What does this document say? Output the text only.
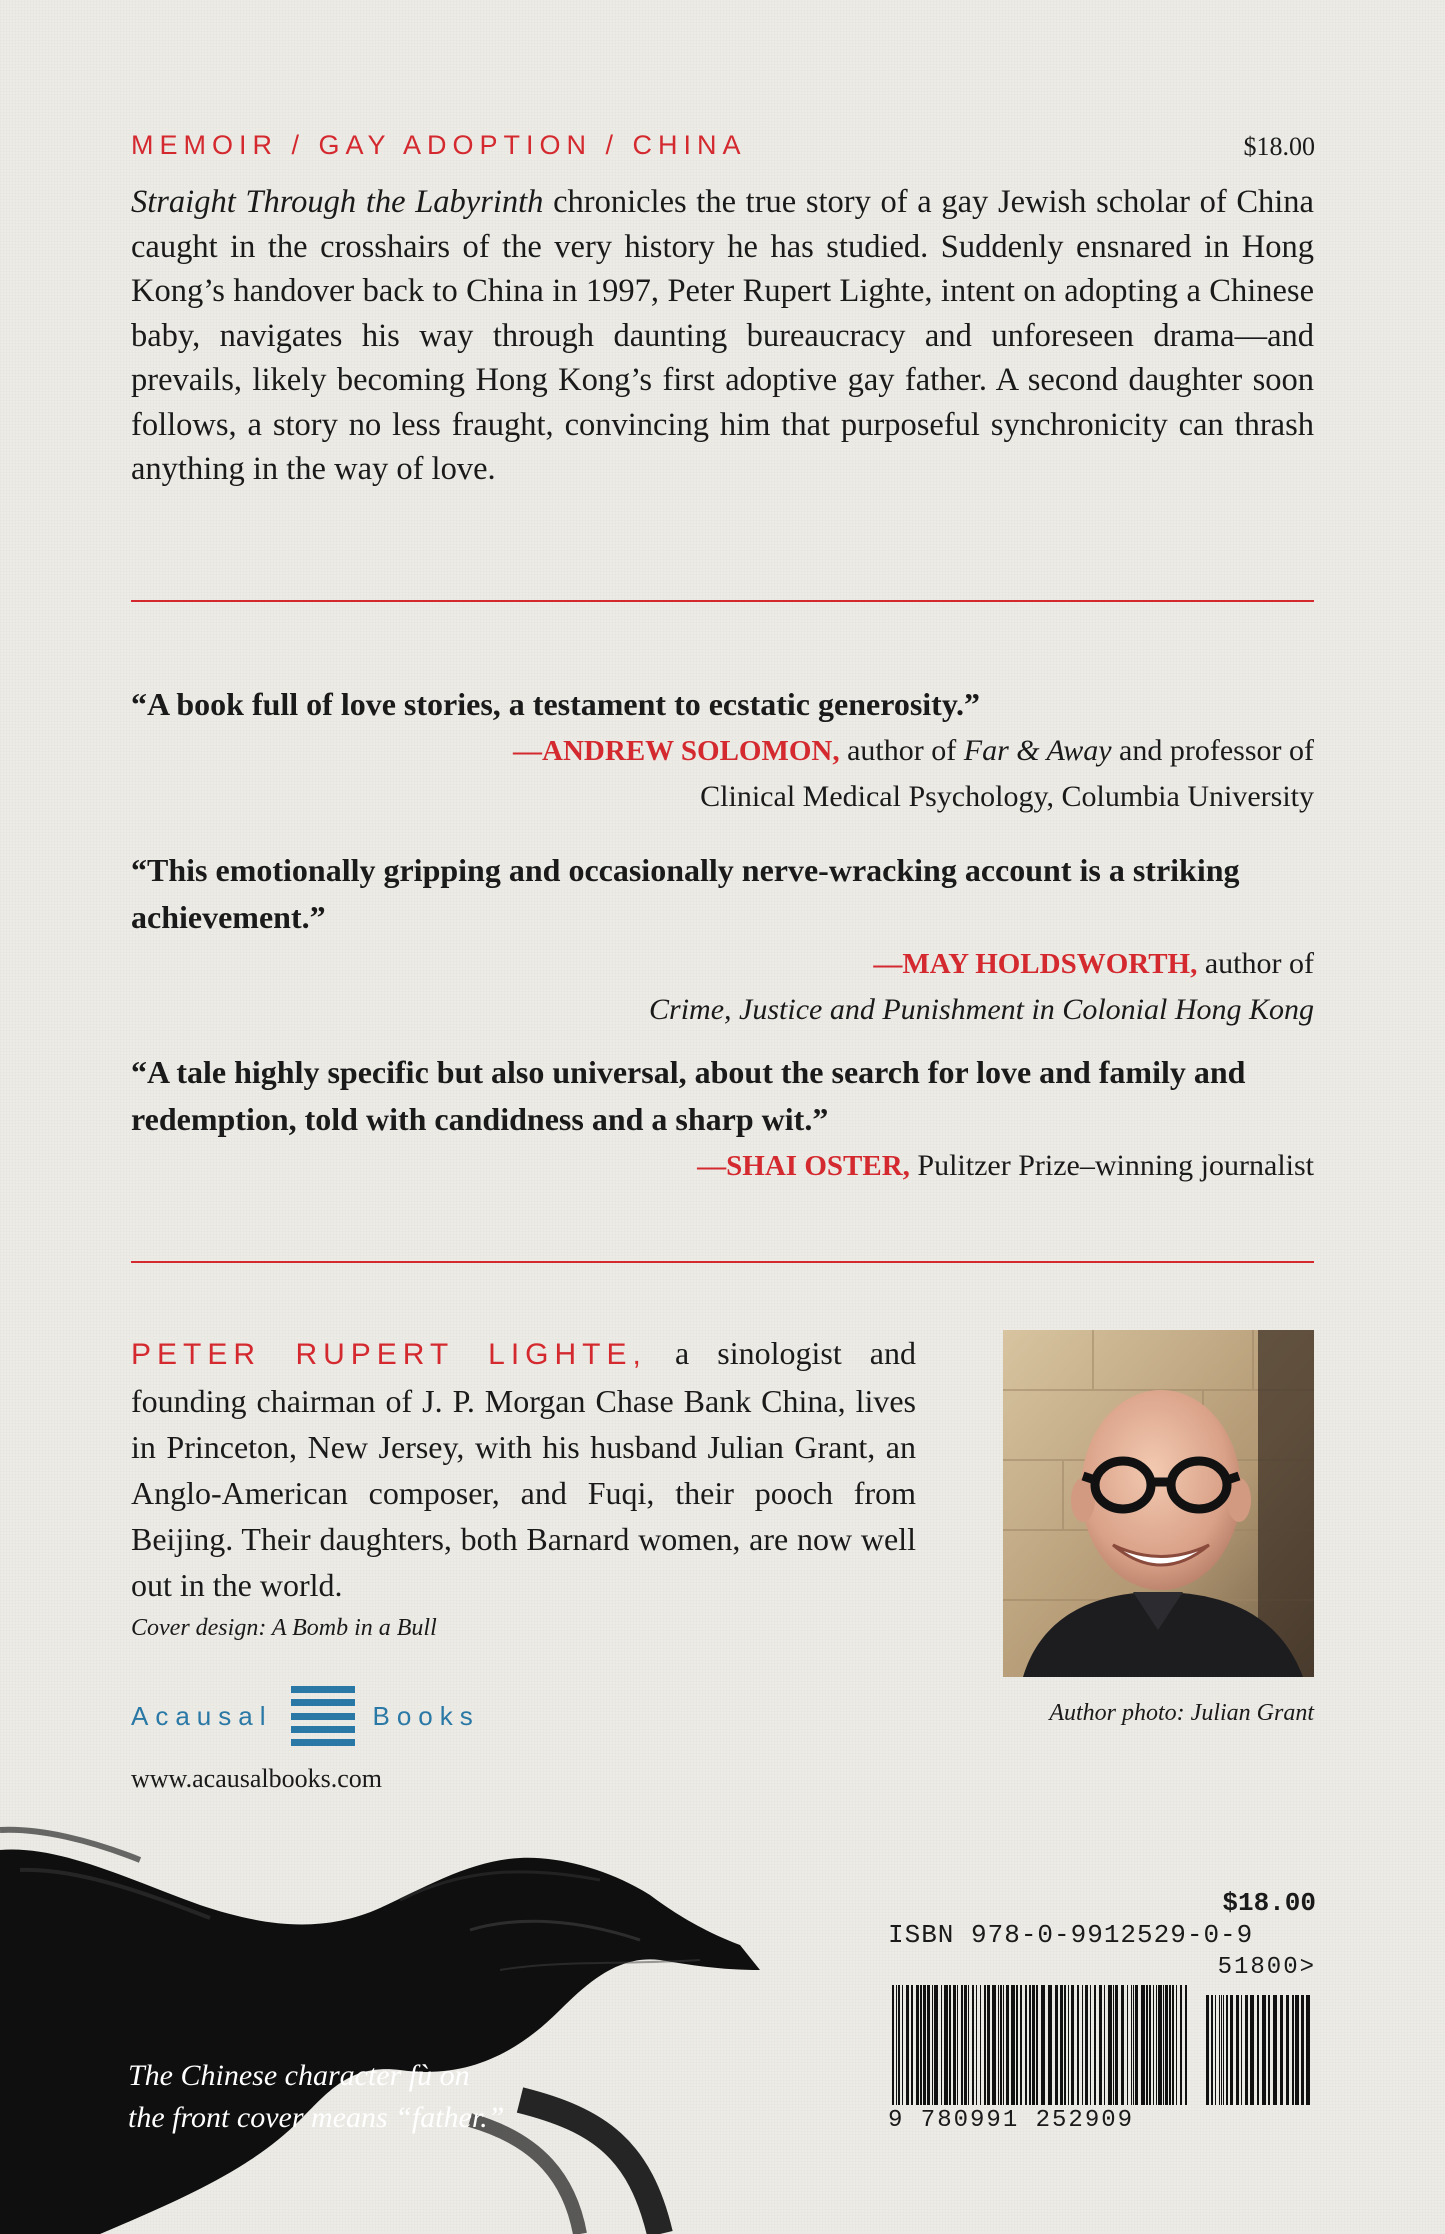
MEMOIR / GAY ADOPTION / CHINA	$18.00

Straight Through the Labyrinth chronicles the true story of a gay Jewish scholar of China caught in the crosshairs of the very history he has studied. Suddenly ensnared in Hong Kong’s handover back to China in 1997, Peter Rupert Lighte, intent on adopting a Chinese baby, navigates his way through daunting bureaucracy and unforeseen drama—and prevails, likely becoming Hong Kong’s first adoptive gay father. A second daughter soon follows, a story no less fraught, convincing him that purposeful synchronicity can thrash anything in the way of love.

“A book full of love stories, a testament to ecstatic generosity.”

—ANDREW SOLOMON, author of Far & Away and professor of

Clinical Medical Psychology, Columbia University

“This emotionally gripping and occasionally nerve-wracking account is a striking achievement.”

—MAY HOLDSWORTH, author of

Crime, Justice and Punishment in Colonial Hong Kong

“A tale highly specific but also universal, about the search for love and family and redemption, told with candidness and a sharp wit.”

—SHAI OSTER, Pulitzer Prize–winning journalist

PETER RUPERT LIGHTE, a sinologist and founding chairman of J. P. Morgan Chase Bank China, lives in Princeton, New Jersey, with his husband Julian Grant, an Anglo-American composer, and Fuqi, their pooch from Beijing. Their daughters, both Barnard women, are now well out in the world.

Cover design: A Bomb in a Bull
Author photo: Julian Grant
Acausal	Books
www.acausalbooks.com
The Chinese character fù on
the front cover means “father.”
$18.00
ISBN 978-0-9912529-0-9
51800>
9 780991 252909
